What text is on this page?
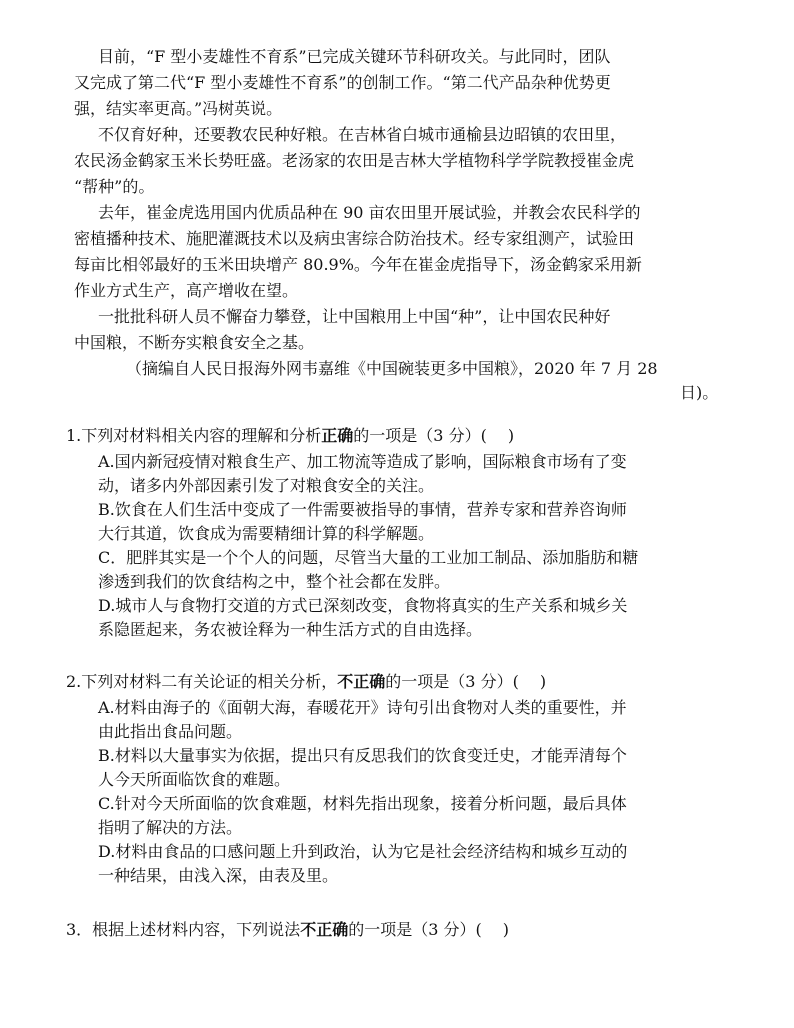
目前，“F 型小麦雄性不育系”已完成关键环节科研攻关。与此同时，团队
又完成了第二代“F 型小麦雄性不育系”的创制工作。“第二代产品杂种优势更
强，结实率更高。”冯树英说。
不仅育好种，还要教农民种好粮。在吉林省白城市通榆县边昭镇的农田里，
农民汤金鹤家玉米长势旺盛。老汤家的农田是吉林大学植物科学学院教授崔金虎
“帮种”的。
去年，崔金虎选用国内优质品种在 90 亩农田里开展试验，并教会农民科学的
密植播种技术、施肥灌溉技术以及病虫害综合防治技术。经专家组测产，试验田
每亩比相邻最好的玉米田块增产 80.9%。今年在崔金虎指导下，汤金鹤家采用新
作业方式生产，高产增收在望。
一批批科研人员不懈奋力攀登，让中国粮用上中国“种”，让中国农民种好
中国粮，不断夯实粮食安全之基。
（摘编自人民日报海外网韦嘉维《中国碗装更多中国粮》，2020 年 7 月 28
日)。
1.下列对材料相关内容的理解和分析正确的一项是（3 分）(　 )
A.国内新冠疫情对粮食生产、加工物流等造成了影响，国际粮食市场有了变
动，诸多内外部因素引发了对粮食安全的关注。
B.饮食在人们生活中变成了一件需要被指导的事情，营养专家和营养咨询师
大行其道，饮食成为需要精细计算的科学解题。
C．肥胖其实是一个个人的问题，尽管当大量的工业加工制品、添加脂肪和糖
渗透到我们的饮食结构之中，整个社会都在发胖。
D.城市人与食物打交道的方式已深刻改变，食物将真实的生产关系和城乡关
系隐匿起来，务农被诠释为一种生活方式的自由选择。
2.下列对材料二有关论证的相关分析，不正确的一项是（3 分）(　 )
A.材料由海子的《面朝大海，春暖花开》诗句引出食物对人类的重要性，并
由此指出食品问题。
B.材料以大量事实为依据，提出只有反思我们的饮食变迁史，才能弄清每个
人今天所面临饮食的难题。
C.针对今天所面临的饮食难题，材料先指出现象，接着分析问题，最后具体
指明了解决的方法。
D.材料由食品的口感问题上升到政治，认为它是社会经济结构和城乡互动的
一种结果，由浅入深，由表及里。
3．根据上述材料内容，下列说法不正确的一项是（3 分）(　 )
